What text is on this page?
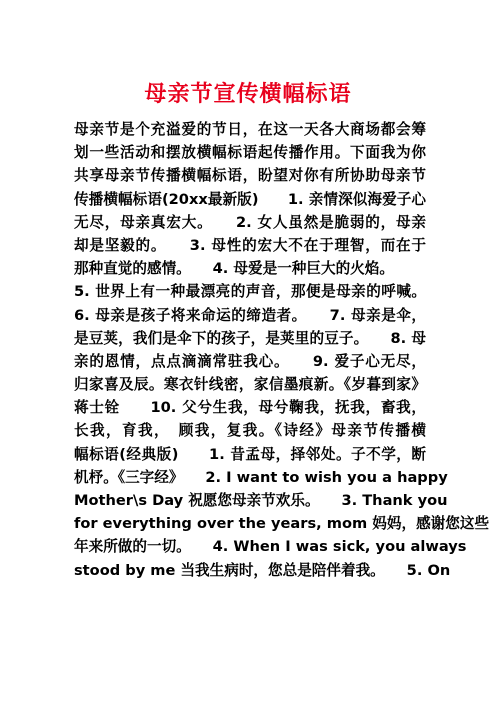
母亲节宣传横幅标语
母亲节是个充溢爱的节日，在这一天各大商场都会筹
划一些活动和摆放横幅标语起传播作用。下面我为你
共享母亲节传播横幅标语，盼望对你有所协助母亲节
传播横幅标语(20xx最新版)　　1. 亲情深似海爱子心
无尽，母亲真宏大。　　2. 女人虽然是脆弱的，母亲
却是坚毅的。　　3. 母性的宏大不在于理智，而在于
那种直觉的感情。　　4. 母爱是一种巨大的火焰。
5. 世界上有一种最漂亮的声音，那便是母亲的呼喊。
6. 母亲是孩子将来命运的缔造者。　　7. 母亲是伞，
是豆荚，我们是伞下的孩子，是荚里的豆子。　　8. 母
亲的恩情，点点滴滴常驻我心。　　9. 爱子心无尽，
归家喜及辰。寒衣针线密，家信墨痕新。《岁暮到家》
蒋士铨　　10. 父兮生我，母兮鞠我，抚我，畜我，
长我，育我，　顾我，复我。《诗经》母亲节传播横
幅标语(经典版)　　1. 昔孟母，择邻处。子不学，断
机杼。《三字经》　　2. I want to wish you a happy
Mother\s Day 祝愿您母亲节欢乐。　　3. Thank you
for everything over the years, mom 妈妈，感谢您这些
年来所做的一切。　　4. When I was sick, you always
stood by me 当我生病时，您总是陪伴着我。　　5. On
